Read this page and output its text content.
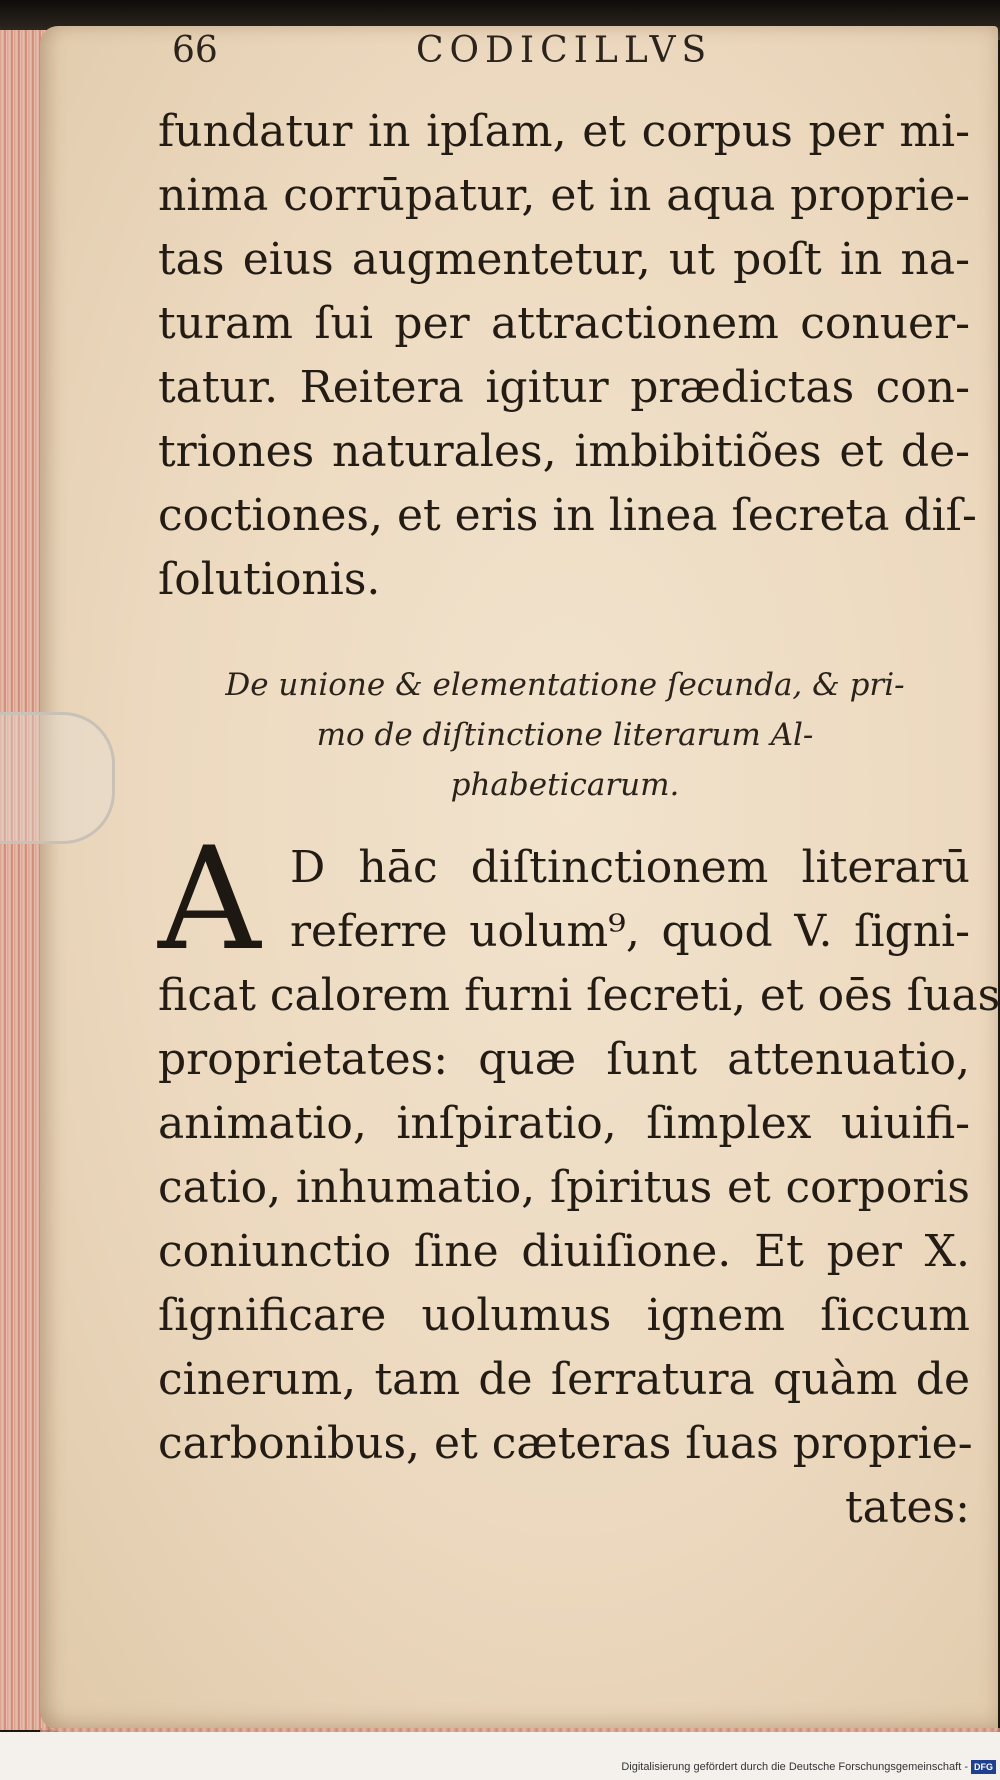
66	CODICILLVS

fundatur in ipſam, et corpus per mi-
nima corrūpatur, et in aqua proprie-
tas eius augmentetur, ut poſt in na-
turam ſui per attractionem conuer-
tatur. Reitera igitur prædictas con-
triones naturales, imbibitiões et de-
coctiones, et eris in linea ſecreta diſ-
ſolutionis.
De unione & elementatione ſecunda, & pri-
mo de diſtinctione literarum Al-
phabeticarum.

A D hāc diſtinctionem literarū
referre uolum⁹, quod V. ſigni-
ficat calorem furni ſecreti, et oēs ſuas
proprietates: quæ ſunt attenuatio,
animatio, inſpiratio, ſimplex uiuifi-
catio, inhumatio, ſpiritus et corporis
coniunctio ſine diuiſione. Et per X.
ſignificare uolumus ignem ſiccum
cinerum, tam de ſerratura quàm de
carbonibus, et cæteras ſuas proprie-
tates:
Digitalisierung gefördert durch die Deutsche Forschungsgemeinschaft - DFG
